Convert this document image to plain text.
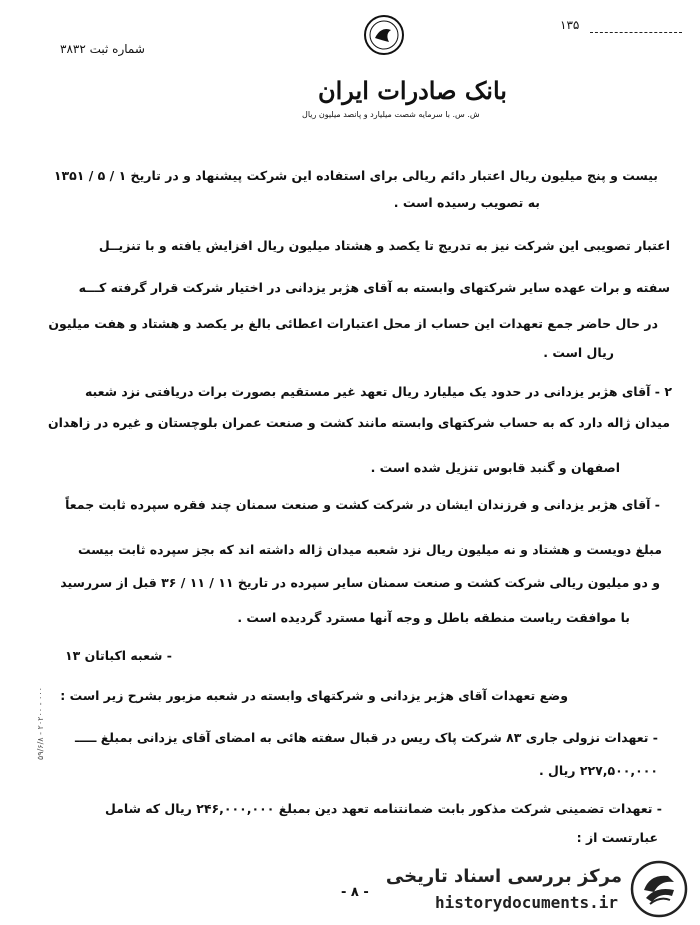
شماره ثبت ۳۸۳۲
۱۳۵
بانک صادرات ایران
ش. س. با سرمایه شصت میلیارد و پانصد میلیون ریال
بیست و پنج میلیون ریال اعتبار دائم ریالی برای استفاده این شرکت پیشنهاد و در تاریخ ۱ / ۵ / ۱۳۵۱
به تصویب رسیده است .
اعتبار تصویبی این شرکت نیز به تدریج تا یکصد و هشتاد میلیون ریال افزایش یافته و با تنزیــل
سفته و برات عهده سایر شرکتهای وابسته به آقای هژبر یزدانی در اختیار شرکت قرار گرفته کـــه
در حال حاضر جمع تعهدات این حساب از محل اعتبارات اعطائی بالغ بر یکصد و هشتاد و هفت میلیون
ریال است .
۲ - آقای هژبر یزدانی در حدود یک میلیارد ریال تعهد غیر مستقیم بصورت برات دریافتی نزد شعبه
میدان ژاله دارد که به حساب شرکتهای وابسته مانند کشت و صنعت عمران بلوچستان و غیره در زاهدان
اصفهان و گنبد قابوس تنزیل شده است .
- آقای هژبر یزدانی و فرزندان ایشان در شرکت کشت و صنعت سمنان چند فقره سپرده ثابت جمعاً
مبلغ دویست و هشتاد و نه میلیون ریال نزد شعبه میدان ژاله داشته اند که بجز سپرده ثابت بیست
و دو میلیون ریالی شرکت کشت و صنعت سمنان سایر سپرده در تاریخ ۱۱ / ۱۱ / ۳۶ قبل از سررسید
با موافقت ریاست منطقه باطل و وجه آنها مسترد گردیده است .
- شعبه اکباتان ۱۳
وضع تعهدات آقای هژبر یزدانی و شرکتهای وابسته در شعبه مزبور بشرح زیر است :
- تعهدات نزولی جاری ۸۳ شرکت پاک ریس در قبال سفته هائی به امضای آقای یزدانی بمبلغ ـــــ
۲۲۷,۵۰۰,۰۰۰ ریال .
- تعهدات تضمینی شرکت مذکور بابت ضمانتنامه تعهد دین بمبلغ ۲۴۶,۰۰۰,۰۰۰ ریال که شامل
عبارتست از :
۵۹/۶/۸ - ۲۰۲۰۰ - ۰۰۰
- ۸ -
مرکز بررسی اسناد تاریخی
historydocuments.ir
